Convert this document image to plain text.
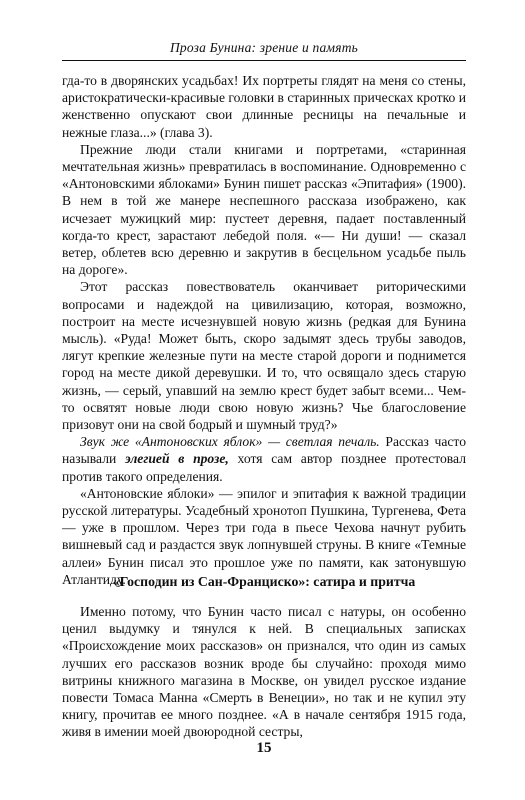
Проза Бунина: зрение и память

гда-то в дворянских усадьбах! Их портреты глядят на меня со стены, аристократически-красивые головки в старинных прическах кротко и женственно опускают свои длинные ресницы на печальные и нежные глаза...» (глава 3).

Прежние люди стали книгами и портретами, «старинная мечтательная жизнь» превратилась в воспоминание. Одновременно с «Антоновскими яблоками» Бунин пишет рассказ «Эпитафия» (1900). В нем в той же манере неспешного рассказа изображено, как исчезает мужицкий мир: пустеет деревня, падает поставленный когда-то крест, зарастают лебедой поля. «— Ни души! — сказал ветер, облетев всю деревню и закрутив в бесцельном усадьбе пыль на дороге».

Этот рассказ повествователь оканчивает риторическими вопросами и надеждой на цивилизацию, которая, возможно, построит на месте исчезнувшей новую жизнь (редкая для Бунина мысль). «Руда! Может быть, скоро задымят здесь трубы заводов, лягут крепкие железные пути на месте старой дороги и поднимется город на месте дикой деревушки. И то, что освящало здесь старую жизнь, — серый, упавший на землю крест будет забыт всеми... Чем-то освятят новые люди свою новую жизнь? Чье благословение призовут они на свой бодрый и шумный труд?»

Звук же «Антоновских яблок» — светлая печаль. Рассказ часто называли элегией в прозе, хотя сам автор позднее протестовал против такого определения.

«Антоновские яблоки» — эпилог и эпитафия к важной традиции русской литературы. Усадебный хронотоп Пушкина, Тургенева, Фета — уже в прошлом. Через три года в пьесе Чехова начнут рубить вишневый сад и раздастся звук лопнувшей струны. В книге «Темные аллеи» Бунин писал это прошлое уже по памяти, как затонувшую Атлантиду.

«Господин из Сан-Франциско»: сатира и притча

Именно потому, что Бунин часто писал с натуры, он особенно ценил выдумку и тянулся к ней. В специальных записках «Происхождение моих рассказов» он признался, что один из самых лучших его рассказов возник вроде бы случайно: проходя мимо витрины книжного магазина в Москве, он увидел русское издание повести Томаса Манна «Смерть в Венеции», но так и не купил эту книгу, прочитав ее много позднее. «А в начале сентября 1915 года, живя в имении моей двоюродной сестры,

15
